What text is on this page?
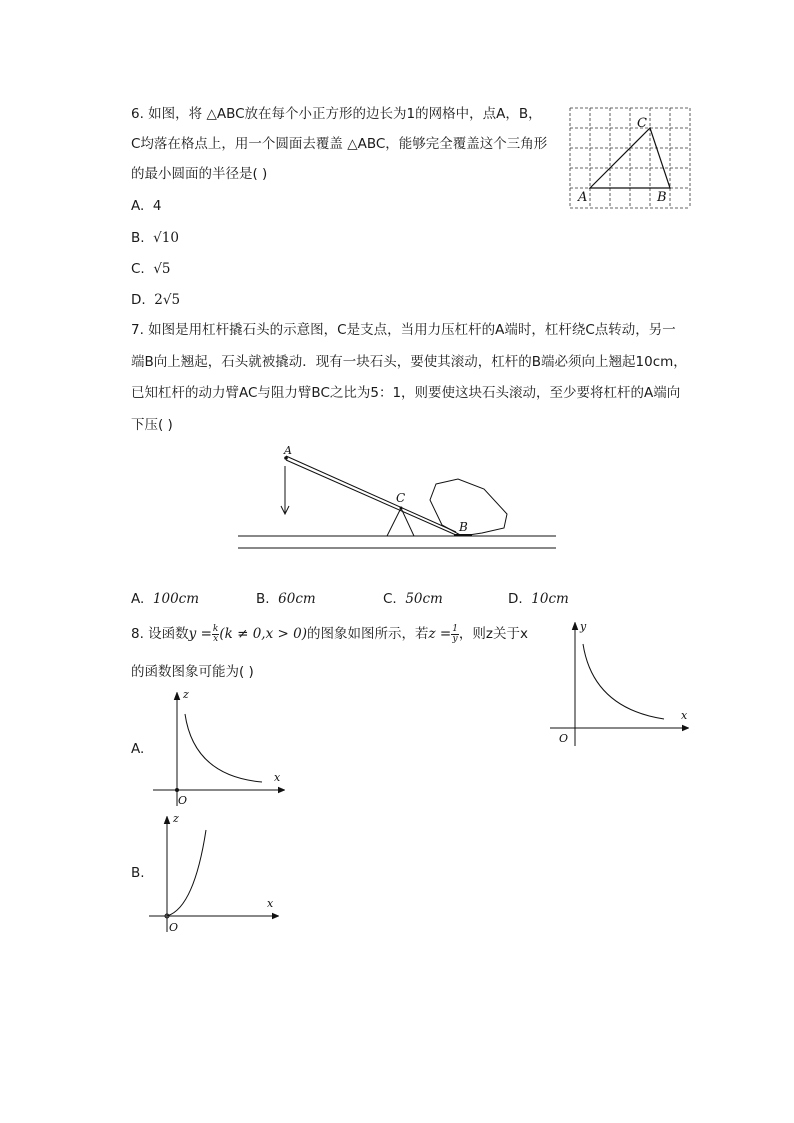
6. 如图，将 △ABC放在每个小正方形的边长为1的网格中，点A，B，
C均落在格点上，用一个圆面去覆盖 △ABC，能够完全覆盖这个三角形
的最小圆面的半径是( )
A. 4
B. √10
C. √5
D. 2√5
A	B
C
7. 如图是用杠杆撬石头的示意图，C是支点，当用力压杠杆的A端时，杠杆绕C点转动，另一
端B向上翘起，石头就被撬动．现有一块石头，要使其滚动，杠杆的B端必须向上翘起10cm，
已知杠杆的动力臂AC与阻力臂BC之比为5：1，则要使这块石头滚动，至少要将杠杆的A端向
下压( )
A
C
B
A. 100cm	B. 60cm	C. 50cm	D. 10cm
8. 设函数$y = \frac{k}{x} (k \ne 0,x > 0)$的图象如图所示，若$z = \frac{1}{y}$ ，则z关于x
的函数图象可能为( )
y
x
O
A.
z
x
O
B.
z
x
O
